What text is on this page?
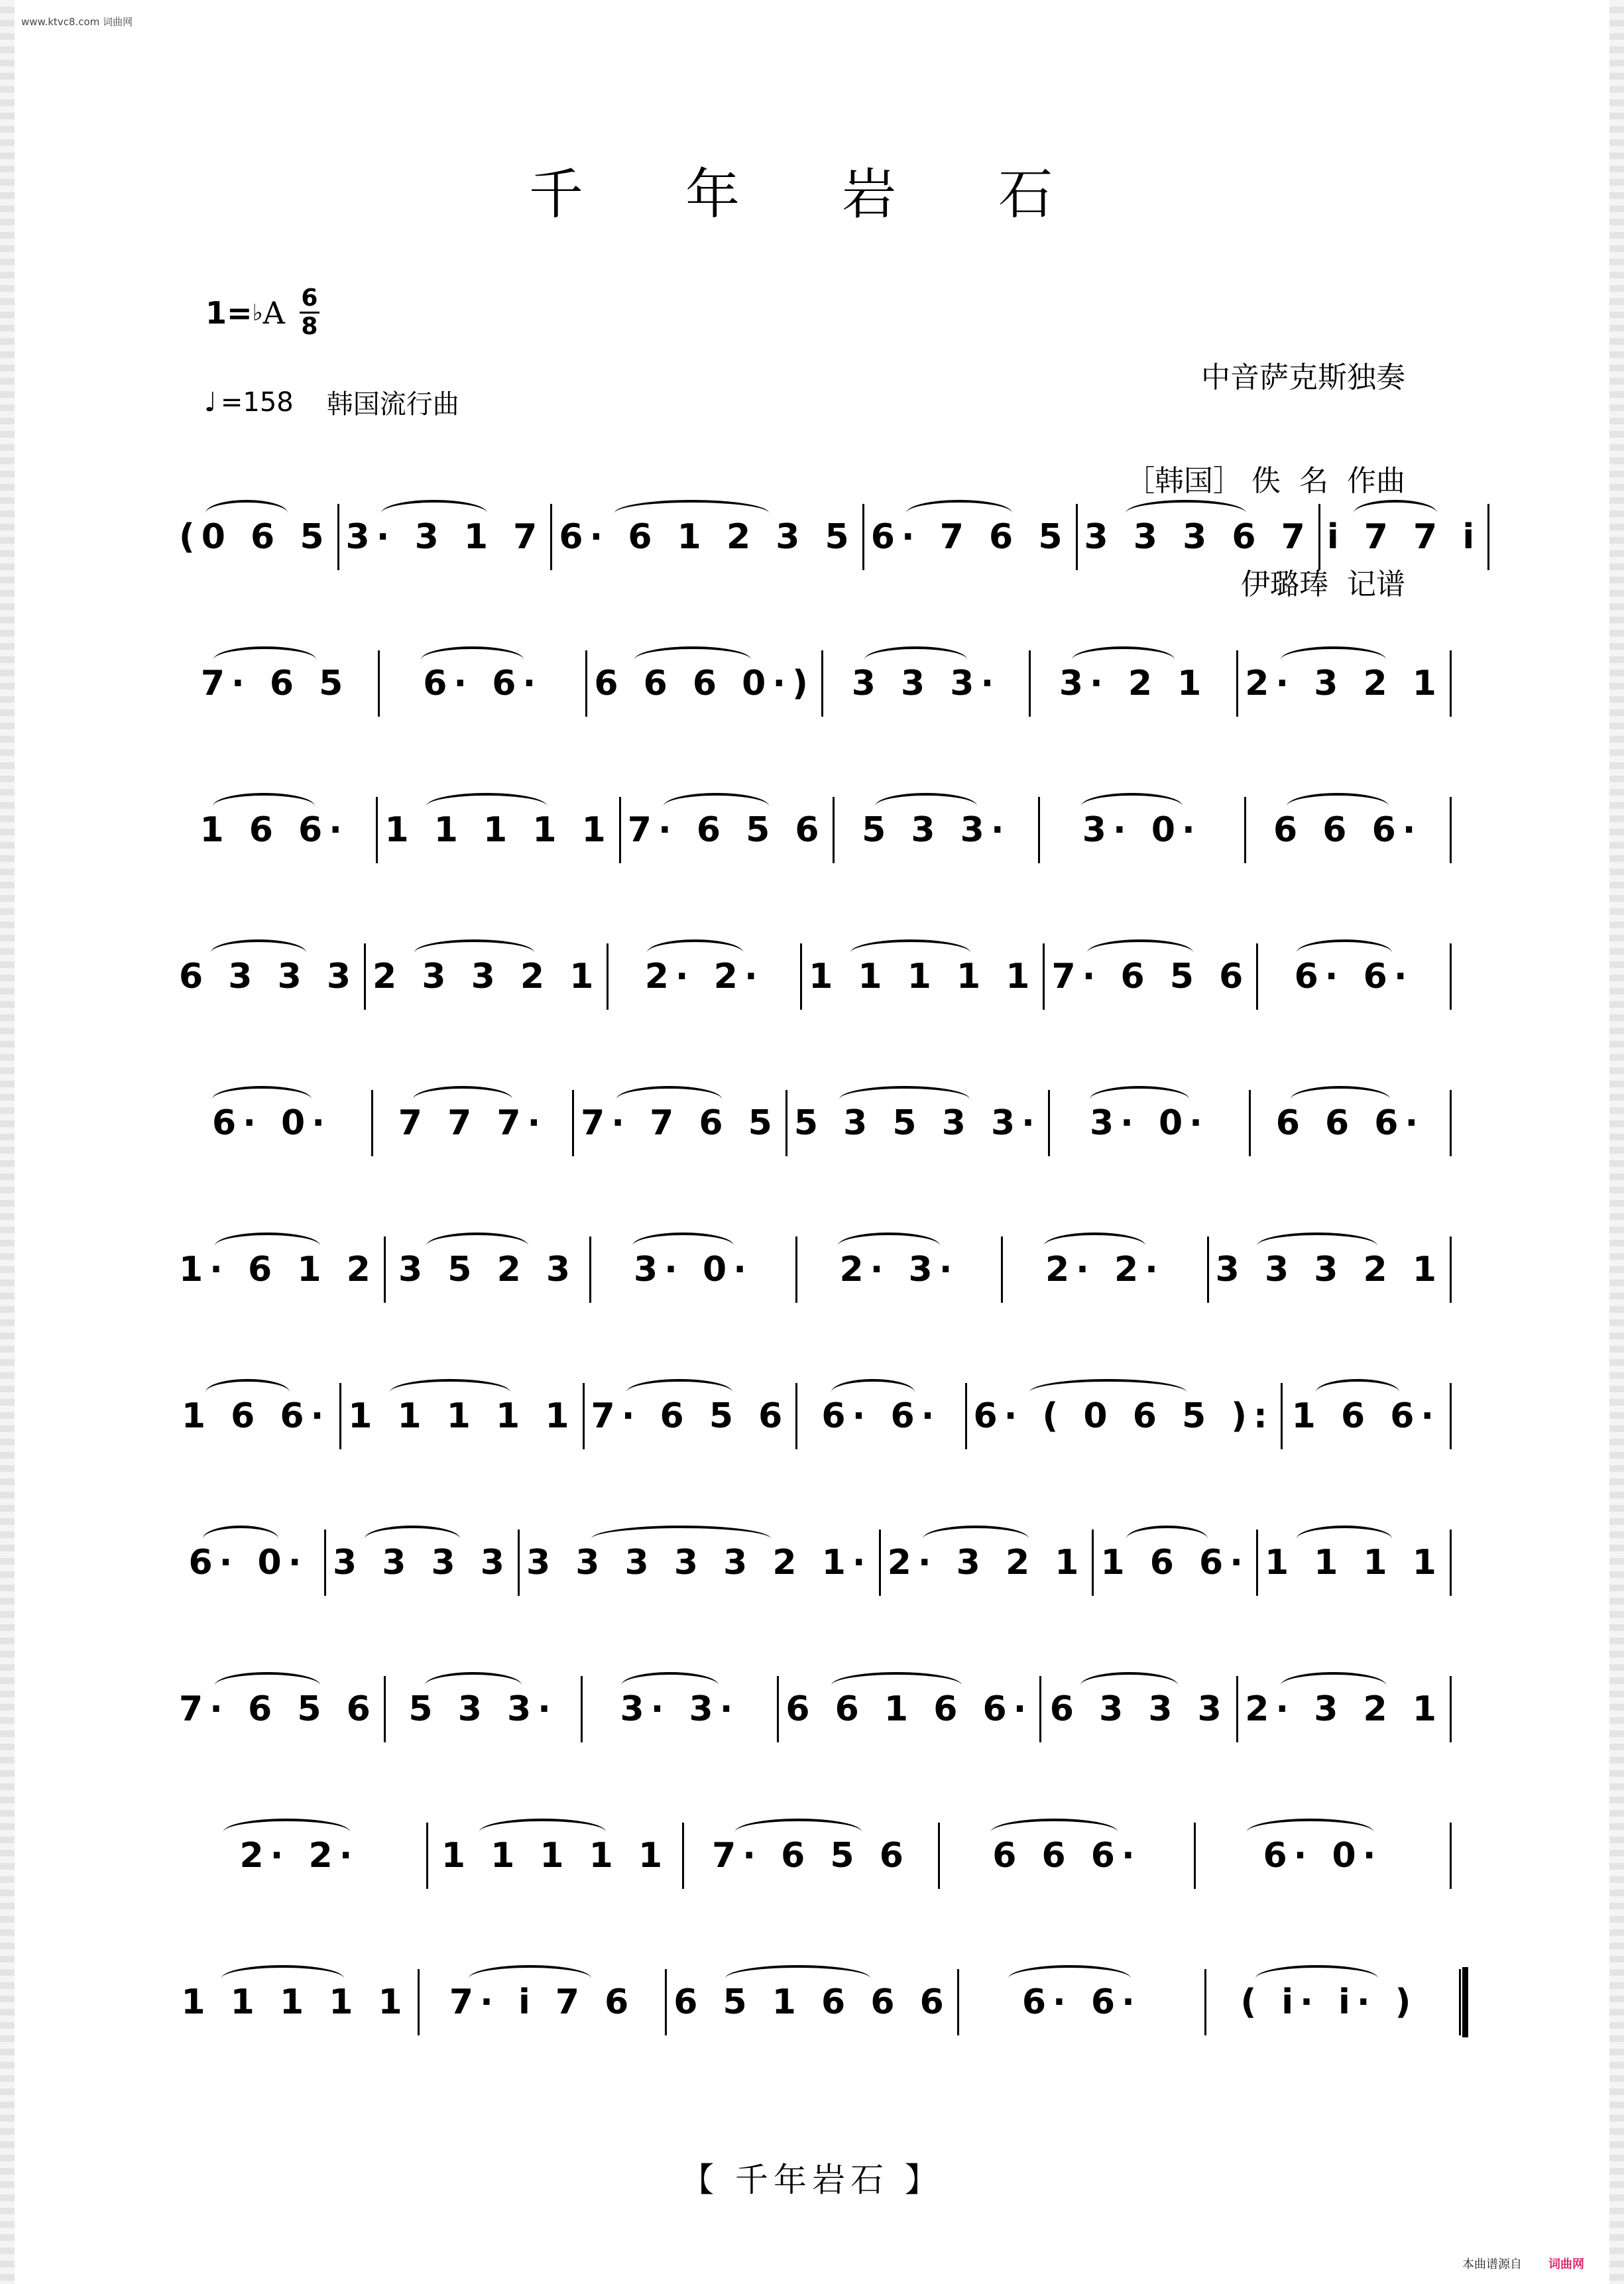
www.ktvc8.com 词曲网
千 年 岩 石
1= ♭ A 6
8
♩ =158 韩国流行曲

中音萨克斯独奏

［韩国］ 佚  名  作曲

伊璐琫  记谱

(0 6 5 3· 3 1 7 6· 6 1 2 3 5 6· 7 6 5 3 3 3 6 7 i 7 7 i
7· 6 5 6· 6· 6 6 6 0·) 3 3 3· 3· 2 1 2· 3 2 1
1 6 6· 1 1 1 1 1 7· 6 5 6 5 3 3· 3· 0· 6 6 6·
6 3 3 3 2 3 3 2 1 2· 2· 1 1 1 1 1 7· 6 5 6 6· 6·
6· 0· 7 7 7· 7· 7 6 5 5 3 5 3 3· 3· 0· 6 6 6·
1· 6 1 2 3 5 2 3 3· 0·	2· 3·	2· 2· 3 3 3 2 1
1 6 6· 1 1 1 1 1 7· 6 5 6 6· 6· 6· ( 0 6 5 ): 1 6 6·
6· 0· 3 3 3 3 3 3 3 3 3 2 1· 2· 3 2 1 1 6 6· 1 1 1 1
7· 6 5 6 5 3 3· 3· 3· 6 6 1 6 6· 6 3 3 3 2· 3 2 1
2· 2· 1 1 1 1 1 7· 6 5 6 6 6 6·	6· 0·
1 1 1 1 1 7· i 7 6 6 5 1 6 6 6 6· 6·	( i· i· )
【 千年岩石 】
本曲谱源自 词曲网
